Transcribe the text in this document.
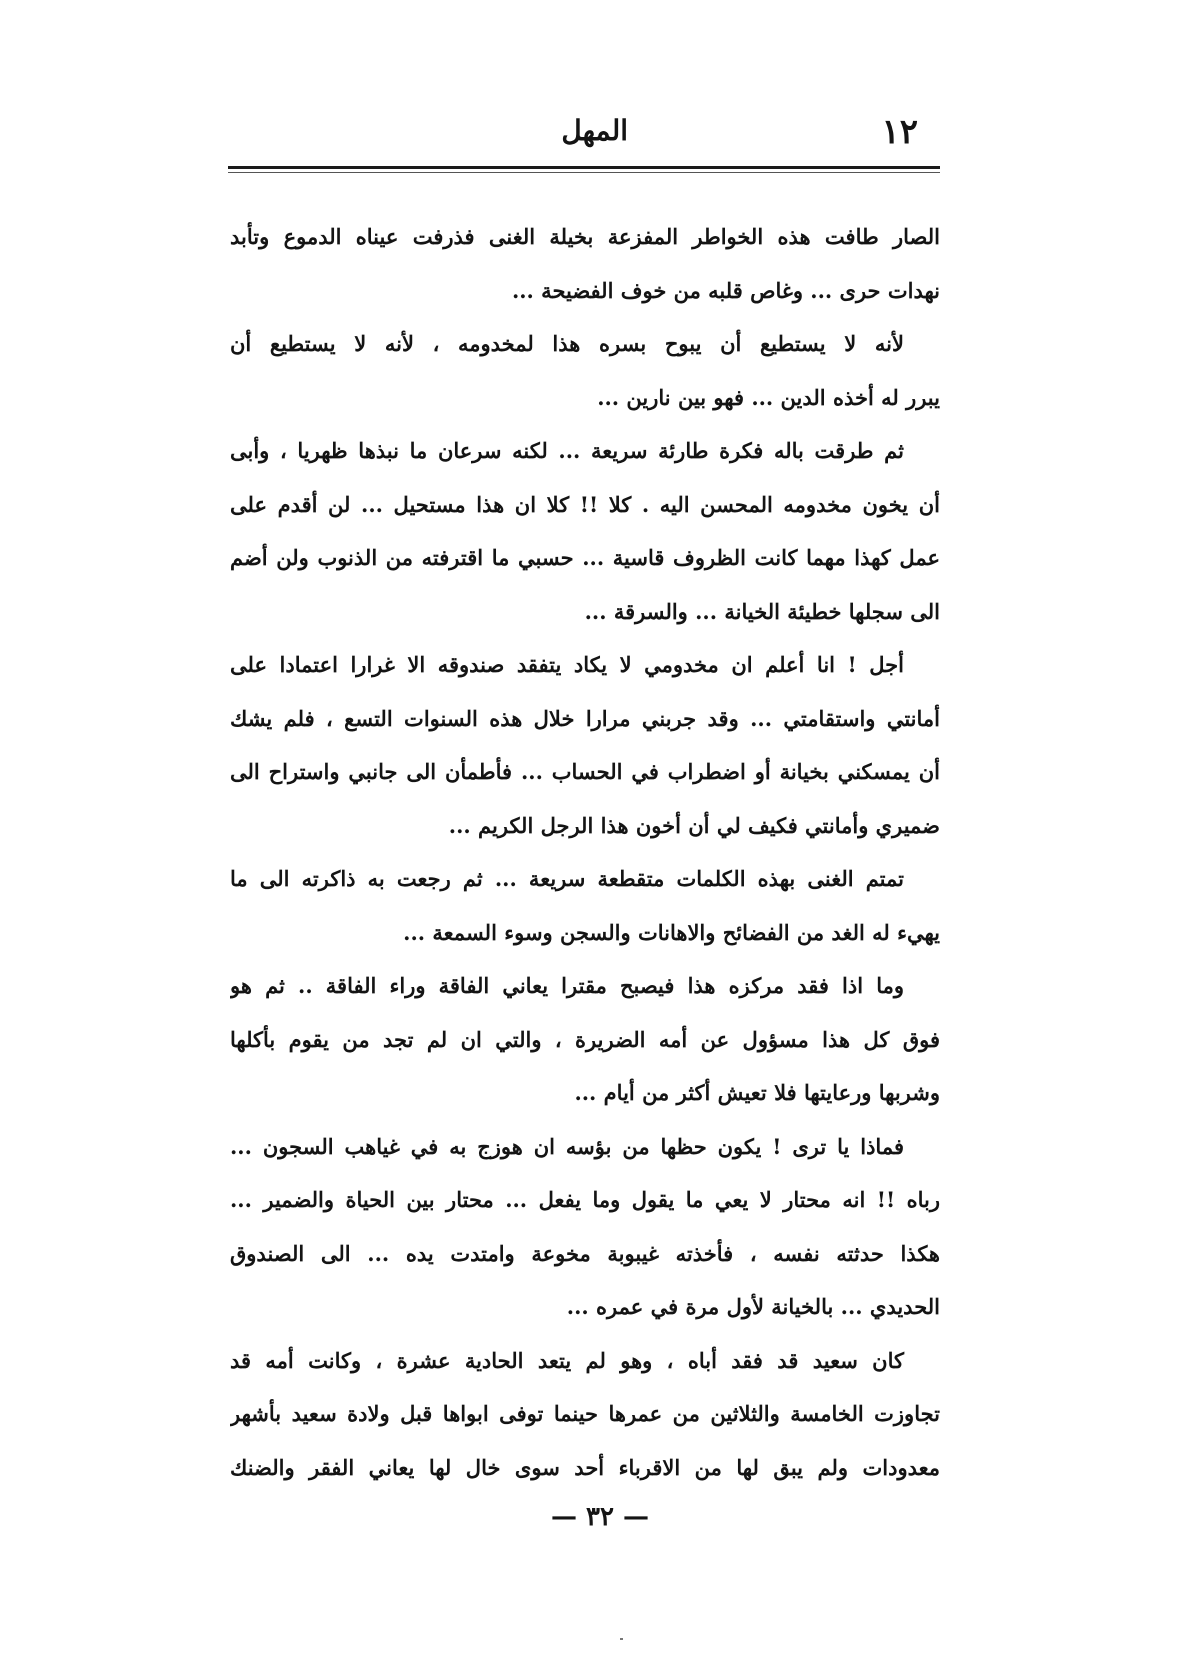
١٢
المهل
الصار طافت هذه الخواطر المفزعة بخيلة الغنى فذرفت عيناه الدموع وتأبد
نهدات حرى ... وغاص قلبه من خوف الفضيحة ...
لأنه لا يستطيع أن يبوح بسره هذا لمخدومه ، لأنه لا يستطيع أن
يبرر له أخذه الدين ... فهو بين نارين ...
ثم طرقت باله فكرة طارئة سريعة ... لكنه سرعان ما نبذها ظهريا ، وأبى
أن يخون مخدومه المحسن اليه . كلا !! كلا ان هذا مستحيل ... لن أقدم على
عمل كهذا مهما كانت الظروف قاسية ... حسبي ما اقترفته من الذنوب ولن أضم
الى سجلها خطيئة الخيانة ... والسرقة ...
أجل ! انا أعلم ان مخدومي لا يكاد يتفقد صندوقه الا غرارا اعتمادا على
أمانتي واستقامتي ... وقد جربني مرارا خلال هذه السنوات التسع ، فلم يشك
أن يمسكني بخيانة أو اضطراب في الحساب ... فأطمأن الى جانبي واستراح الى
ضميري وأمانتي فكيف لي أن أخون هذا الرجل الكريم ...
تمتم الغنى بهذه الكلمات متقطعة سريعة ... ثم رجعت به ذاكرته الى ما
يهيء له الغد من الفضائح والاهانات والسجن وسوء السمعة ...
وما اذا فقد مركزه هذا فيصبح مقترا يعاني الفاقة وراء الفاقة .. ثم هو
فوق كل هذا مسؤول عن أمه الضريرة ، والتي ان لم تجد من يقوم بأكلها
وشربها ورعايتها فلا تعيش أكثر من أيام ...
فماذا يا ترى ! يكون حظها من بؤسه ان هوزج به في غياهب السجون ...
رباه !! انه محتار لا يعي ما يقول وما يفعل ... محتار بين الحياة والضمير ...
هكذا حدثته نفسه ، فأخذته غيبوبة مخوعة وامتدت يده ... الى الصندوق
الحديدي ... بالخيانة لأول مرة في عمره ...
كان سعيد قد فقد أباه ، وهو لم يتعد الحادية عشرة ، وكانت أمه قد
تجاوزت الخامسة والثلاثين من عمرها حينما توفى ابواها قبل ولادة سعيد بأشهر
معدودات ولم يبق لها من الاقرباء أحد سوى خال لها يعاني الفقر والضنك
— ٣٢ —
